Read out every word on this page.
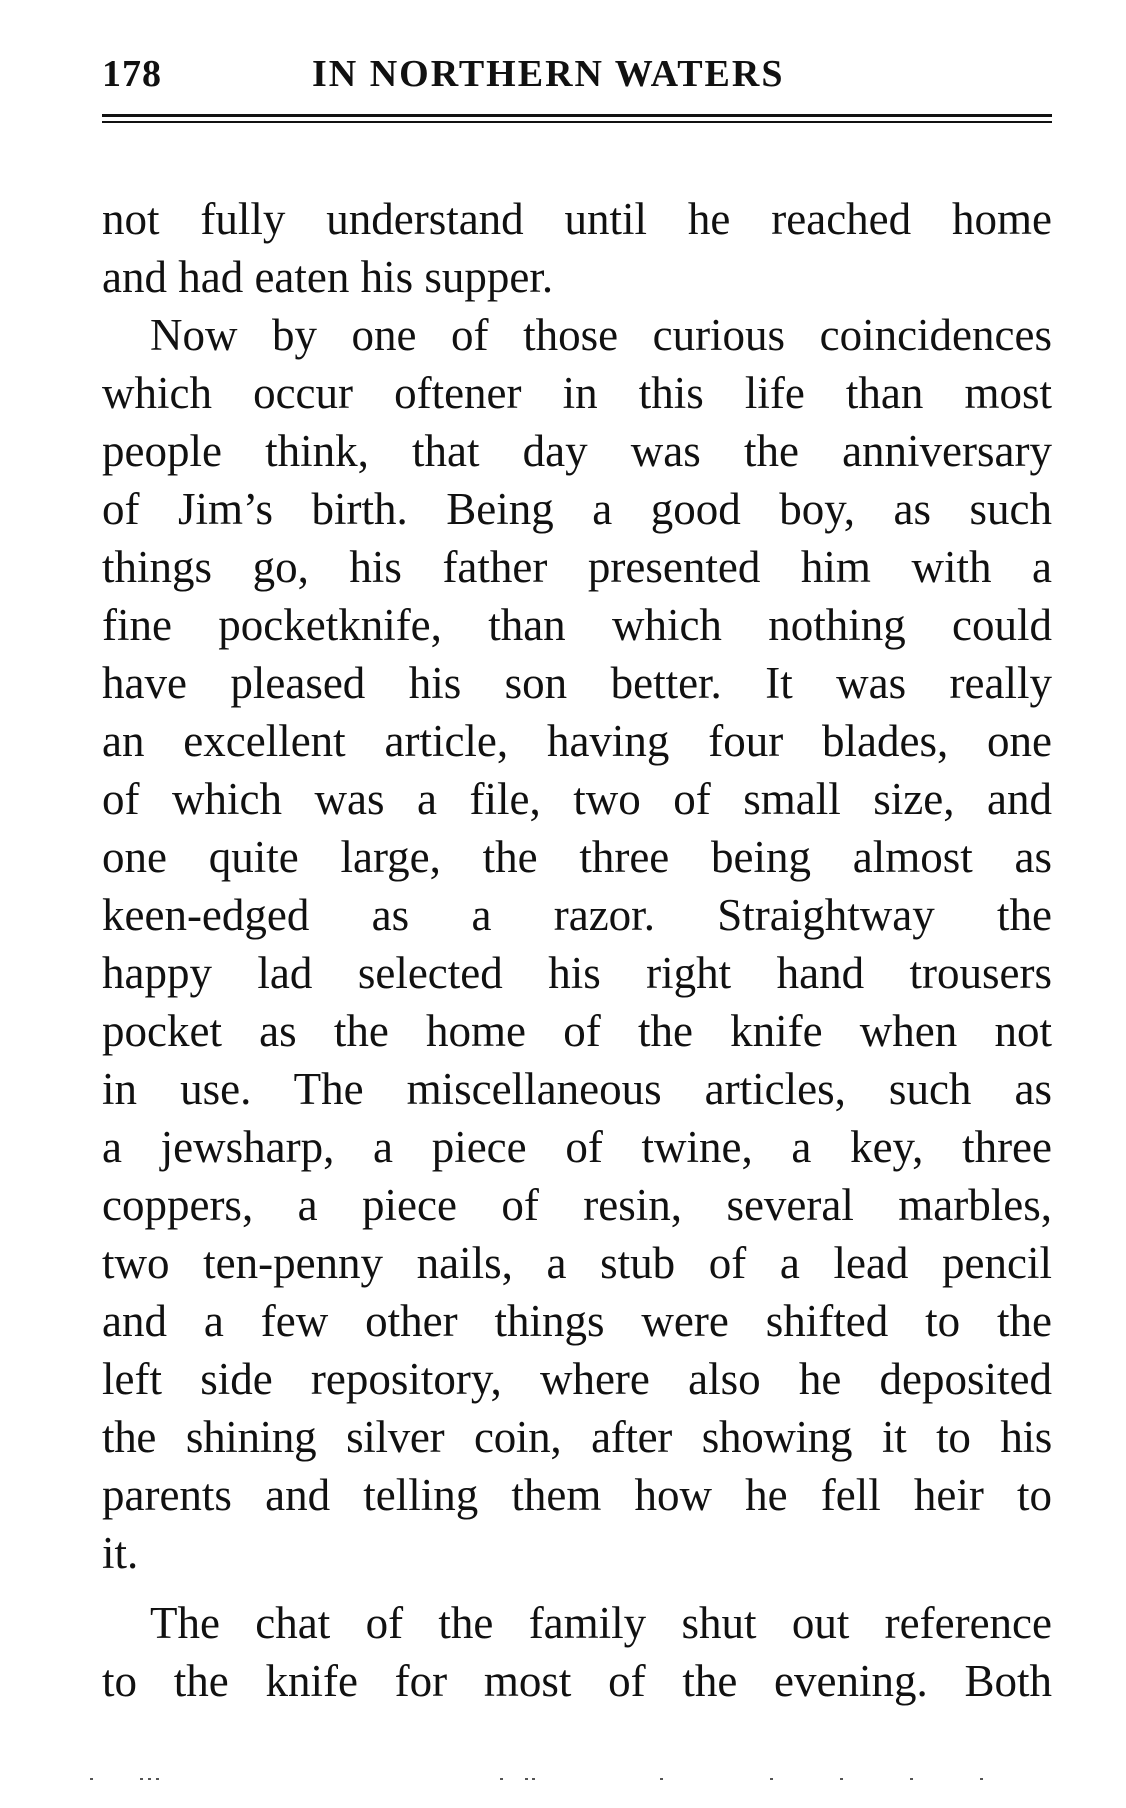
178	IN NORTHERN WATERS
not fully understand until he reached home
and had eaten his supper.
Now by one of those curious coincidences
which occur oftener in this life than most
people think, that day was the anniversary
of Jim’s birth. Being a good boy, as such
things go, his father presented him with a
fine pocketknife, than which nothing could
have pleased his son better. It was really
an excellent article, having four blades, one
of which was a file, two of small size, and
one quite large, the three being almost as
keen-edged as a razor. Straightway the
happy lad selected his right hand trousers
pocket as the home of the knife when not
in use. The miscellaneous articles, such as
a jewsharp, a piece of twine, a key, three
coppers, a piece of resin, several marbles,
two ten-penny nails, a stub of a lead pencil
and a few other things were shifted to the
left side repository, where also he deposited
the shining silver coin, after showing it to his
parents and telling them how he fell heir to
it.
The chat of the family shut out reference
to the knife for most of the evening. Both
